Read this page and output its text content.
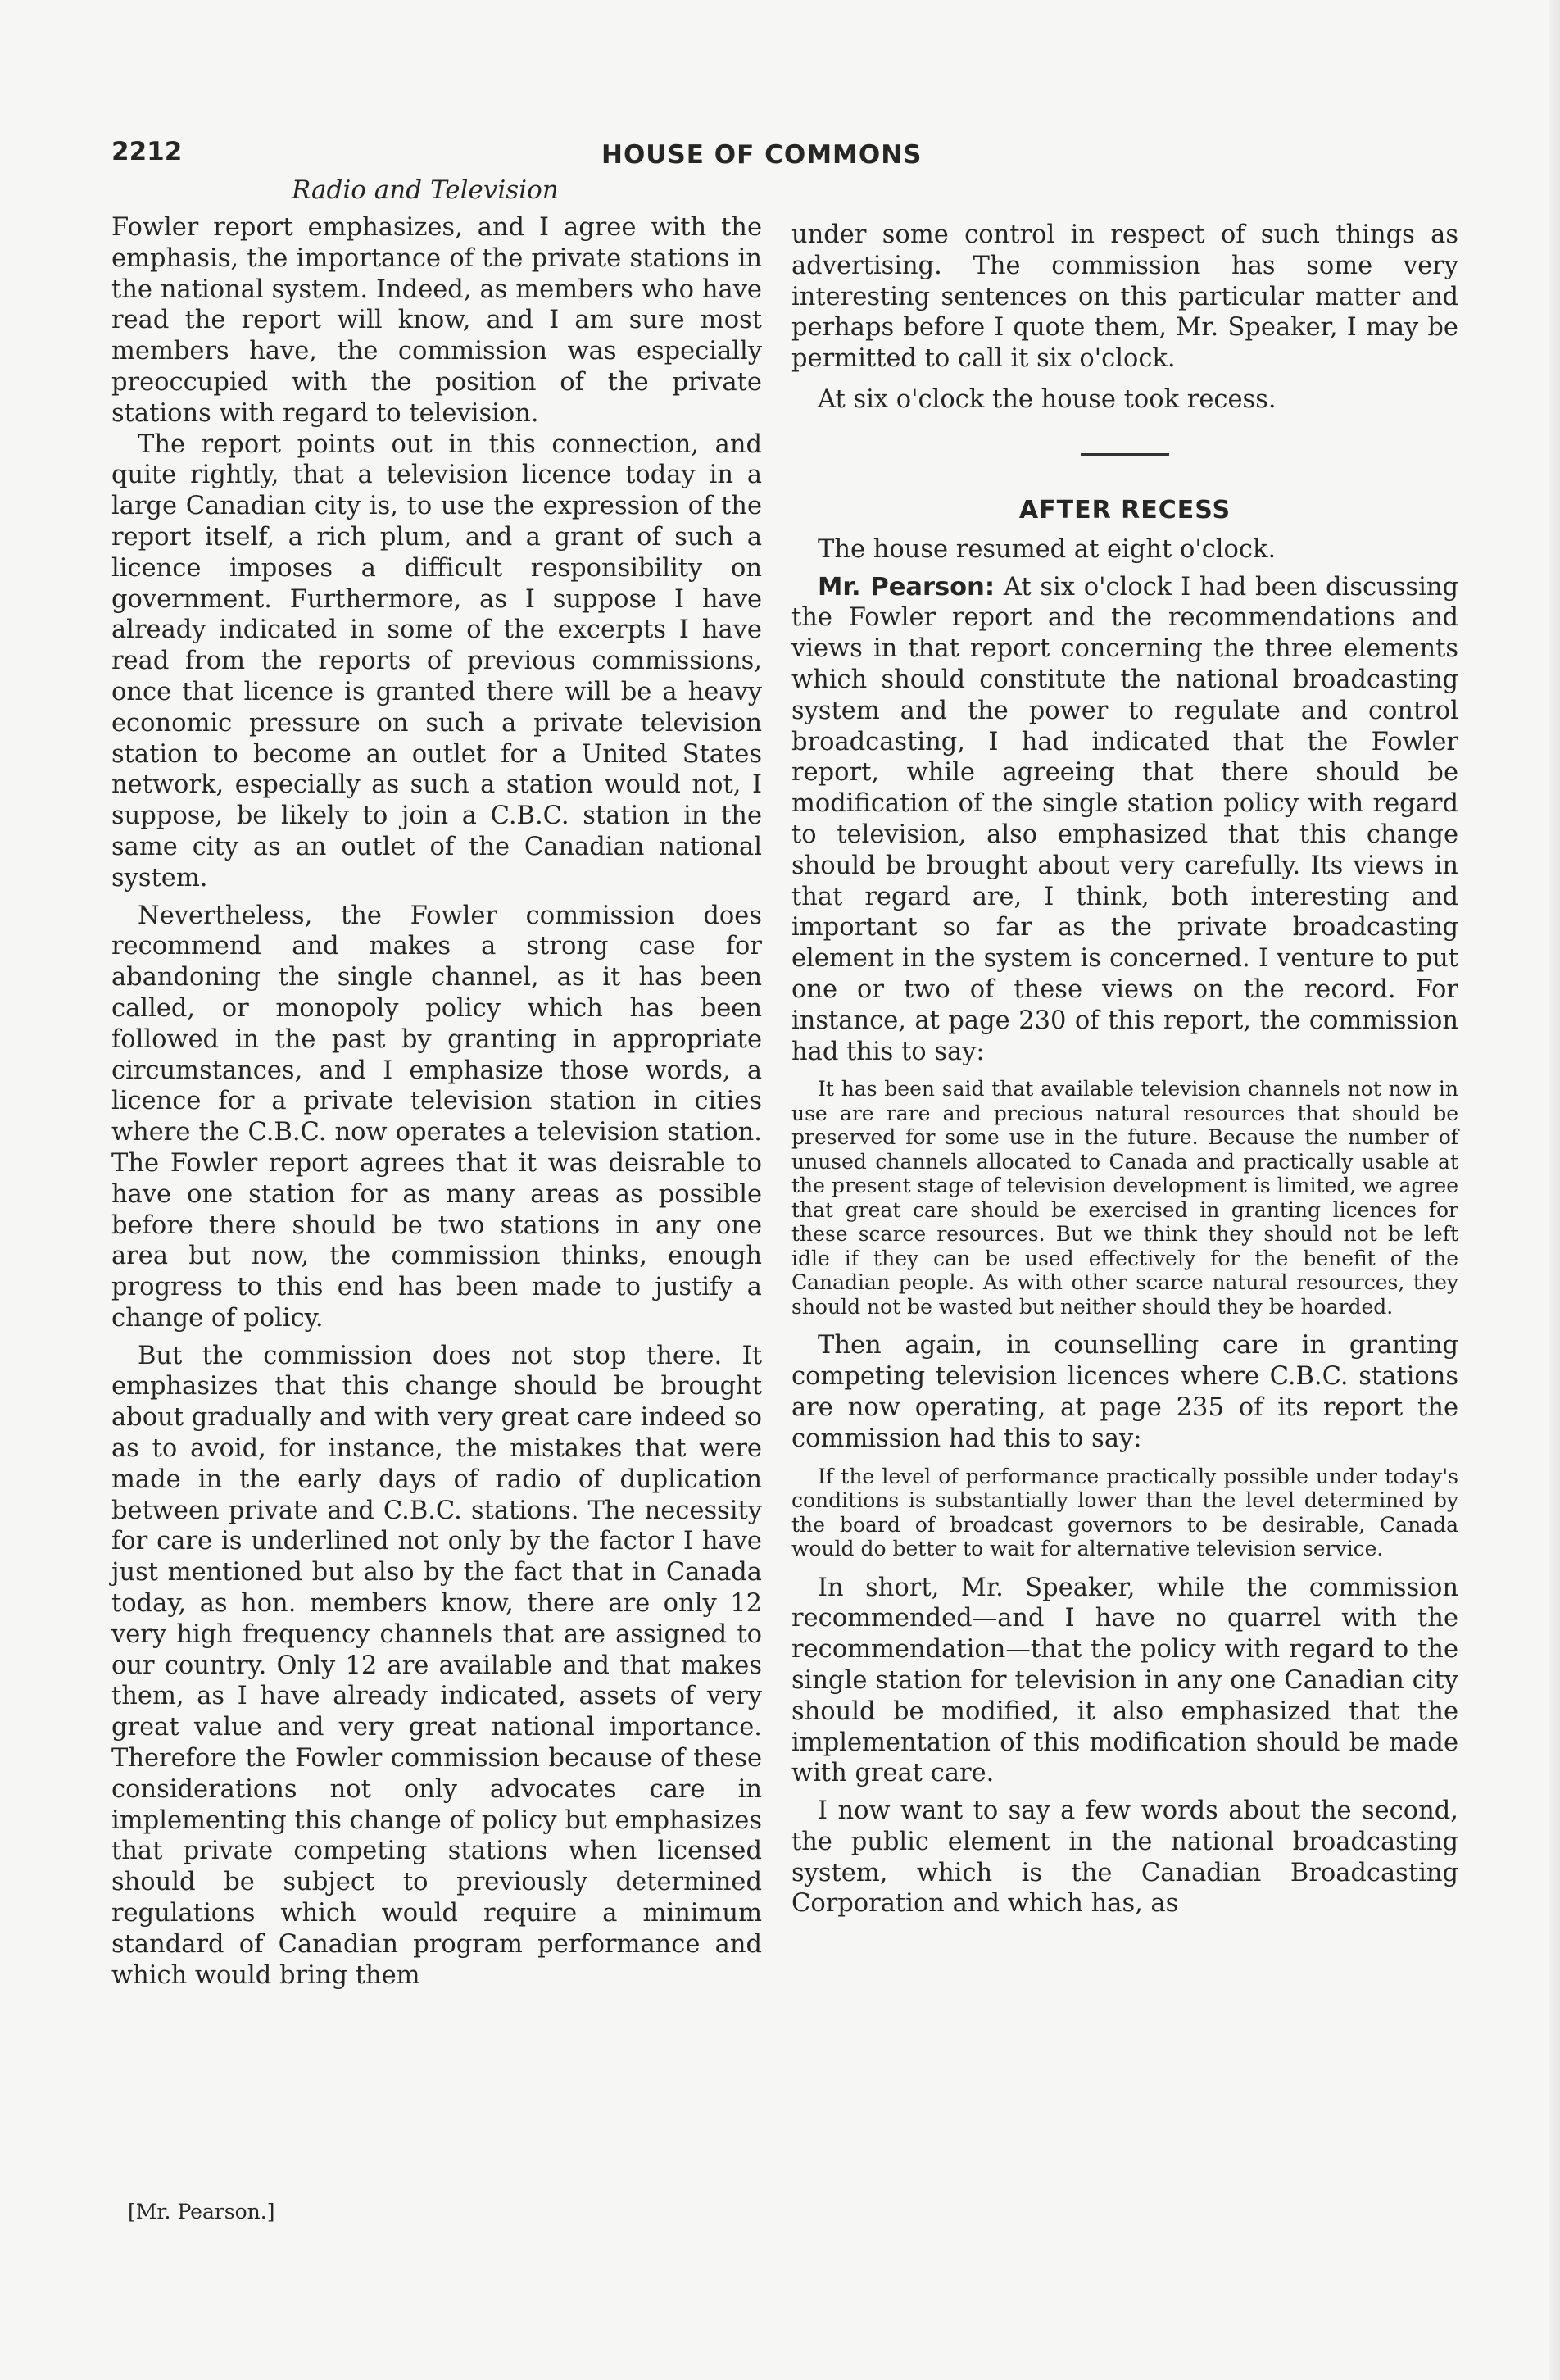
2212	HOUSE OF COMMONS
Radio and Television

Fowler report emphasizes, and I agree with the emphasis, the importance of the private stations in the national system. Indeed, as members who have read the report will know, and I am sure most members have, the commission was especially preoccupied with the position of the private stations with regard to television.

The report points out in this connection, and quite rightly, that a television licence today in a large Canadian city is, to use the expression of the report itself, a rich plum, and a grant of such a licence imposes a difficult responsibility on government. Furthermore, as I suppose I have already indicated in some of the excerpts I have read from the reports of previous commissions, once that licence is granted there will be a heavy economic pressure on such a private television station to become an outlet for a United States network, especially as such a station would not, I suppose, be likely to join a C.B.C. station in the same city as an outlet of the Canadian national system.

Nevertheless, the Fowler commission does recommend and makes a strong case for abandoning the single channel, as it has been called, or monopoly policy which has been followed in the past by granting in appropriate circumstances, and I emphasize those words, a licence for a private television station in cities where the C.B.C. now operates a television station. The Fowler report agrees that it was deisrable to have one station for as many areas as possible before there should be two stations in any one area but now, the commission thinks, enough progress to this end has been made to justify a change of policy.

But the commission does not stop there. It emphasizes that this change should be brought about gradually and with very great care indeed so as to avoid, for instance, the mistakes that were made in the early days of radio of duplication between private and C.B.C. stations. The necessity for care is underlined not only by the factor I have just mentioned but also by the fact that in Canada today, as hon. members know, there are only 12 very high frequency channels that are assigned to our country. Only 12 are available and that makes them, as I have already indicated, assets of very great value and very great national importance. Therefore the Fowler commission because of these considerations not only advocates care in implementing this change of policy but emphasizes that private competing stations when licensed should be subject to previously determined regulations which would require a minimum standard of Canadian program performance and which would bring them

under some control in respect of such things as advertising. The commission has some very interesting sentences on this particular matter and perhaps before I quote them, Mr. Speaker, I may be permitted to call it six o'clock.

At six o'clock the house took recess.

AFTER RECESS

The house resumed at eight o'clock.

Mr. Pearson: At six o'clock I had been discussing the Fowler report and the recommendations and views in that report concerning the three elements which should constitute the national broadcasting system and the power to regulate and control broadcasting, I had indicated that the Fowler report, while agreeing that there should be modification of the single station policy with regard to television, also emphasized that this change should be brought about very carefully. Its views in that regard are, I think, both interesting and important so far as the private broadcasting element in the system is concerned. I venture to put one or two of these views on the record. For instance, at page 230 of this report, the commission had this to say:

It has been said that available television channels not now in use are rare and precious natural resources that should be preserved for some use in the future. Because the number of unused channels allocated to Canada and practically usable at the present stage of television development is limited, we agree that great care should be exercised in granting licences for these scarce resources. But we think they should not be left idle if they can be used effectively for the benefit of the Canadian people. As with other scarce natural resources, they should not be wasted but neither should they be hoarded.

Then again, in counselling care in granting competing television licences where C.B.C. stations are now operating, at page 235 of its report the commission had this to say:

If the level of performance practically possible under today's conditions is substantially lower than the level determined by the board of broadcast governors to be desirable, Canada would do better to wait for alternative television service.

In short, Mr. Speaker, while the commission recommended—and I have no quarrel with the recommendation—that the policy with regard to the single station for television in any one Canadian city should be modified, it also emphasized that the implementation of this modification should be made with great care.

I now want to say a few words about the second, the public element in the national broadcasting system, which is the Canadian Broadcasting Corporation and which has, as

[Mr. Pearson.]
